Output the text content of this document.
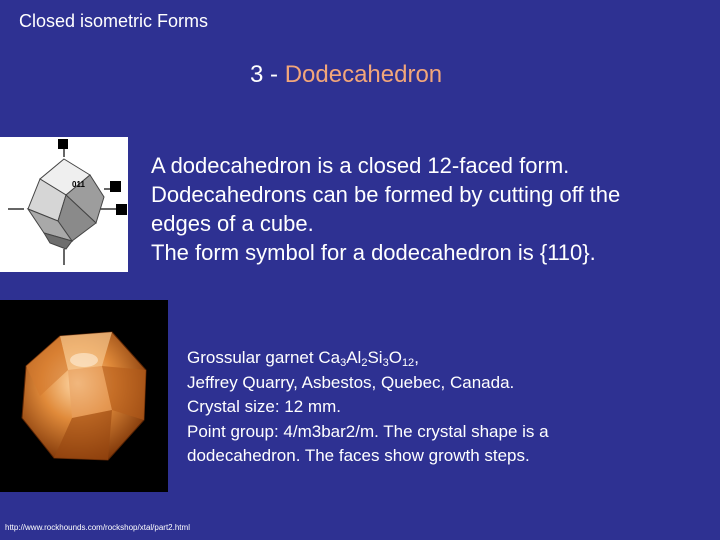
Closed isometric Forms
3 - Dodecahedron
011
A dodecahedron is a closed 12-faced form.
Dodecahedrons can be formed by cutting off the
edges of a cube.
The form symbol for a dodecahedron is {110}.
Grossular garnet $Ca_3Al_2Si_3O_{12}$,
Jeffrey Quarry, Asbestos, Quebec, Canada.
Crystal size: 12 mm.
Point group: 4/m3bar2/m. The crystal shape is a
dodecahedron. The faces show growth steps.
http://www.rockhounds.com/rockshop/xtal/part2.html
